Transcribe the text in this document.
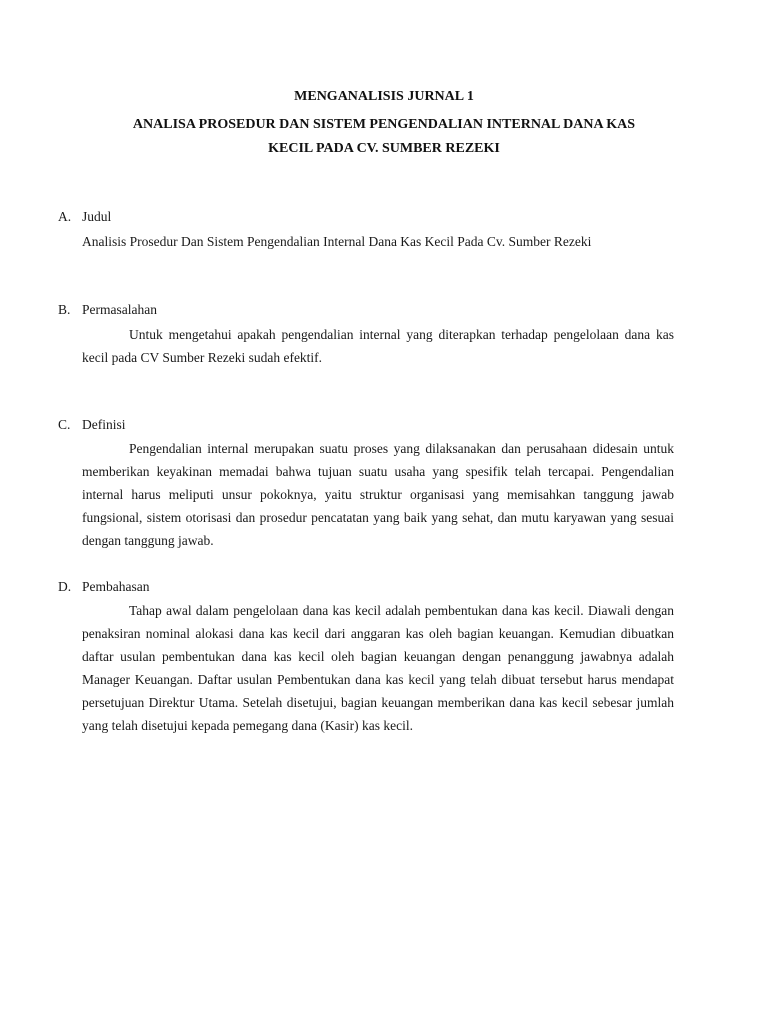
MENGANALISIS JURNAL 1
ANALISA PROSEDUR DAN SISTEM PENGENDALIAN INTERNAL DANA KAS
KECIL PADA CV. SUMBER REZEKI
A. Judul
Analisis Prosedur Dan Sistem Pengendalian Internal Dana Kas Kecil Pada Cv. Sumber Rezeki
B. Permasalahan
Untuk mengetahui apakah pengendalian internal yang diterapkan terhadap pengelolaan dana kas kecil pada CV Sumber Rezeki sudah efektif.
C. Definisi
Pengendalian internal merupakan suatu proses yang dilaksanakan dan perusahaan didesain untuk memberikan keyakinan memadai bahwa tujuan suatu usaha yang spesifik telah tercapai. Pengendalian internal harus meliputi unsur pokoknya, yaitu struktur organisasi yang memisahkan tanggung jawab fungsional, sistem otorisasi dan prosedur pencatatan yang baik yang sehat, dan mutu karyawan yang sesuai dengan tanggung jawab.
D. Pembahasan
Tahap awal dalam pengelolaan dana kas kecil adalah pembentukan dana kas kecil. Diawali dengan penaksiran nominal alokasi dana kas kecil dari anggaran kas oleh bagian keuangan. Kemudian dibuatkan daftar usulan pembentukan dana kas kecil oleh bagian keuangan dengan penanggung jawabnya adalah Manager Keuangan. Daftar usulan Pembentukan dana kas kecil yang telah dibuat tersebut harus mendapat persetujuan Direktur Utama. Setelah disetujui, bagian keuangan memberikan dana kas kecil sebesar jumlah yang telah disetujui kepada pemegang dana (Kasir) kas kecil.
